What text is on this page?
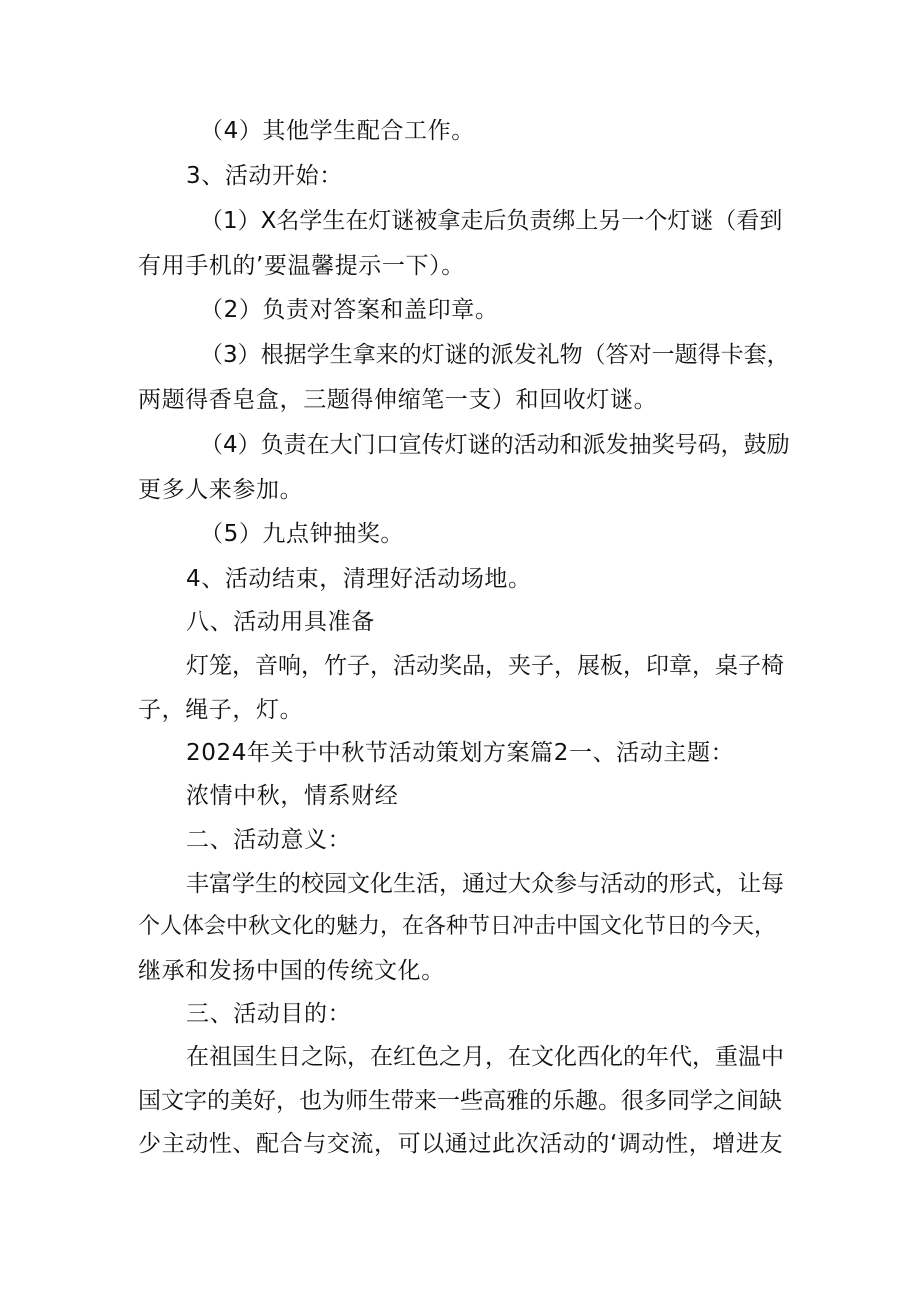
（4）其他学生配合工作。
3、活动开始：
（1）X名学生在灯谜被拿走后负责绑上另一个灯谜（看到
有用手机的’要温馨提示一下）。
（2）负责对答案和盖印章。
（3）根据学生拿来的灯谜的派发礼物（答对一题得卡套，
两题得香皂盒，三题得伸缩笔一支）和回收灯谜。
（4）负责在大门口宣传灯谜的活动和派发抽奖号码，鼓励
更多人来参加。
（5）九点钟抽奖。
4、活动结束，清理好活动场地。
八、活动用具准备
灯笼，音响，竹子，活动奖品，夹子，展板，印章，桌子椅
子，绳子，灯。
2024年关于中秋节活动策划方案篇2一、活动主题：
浓情中秋，情系财经
二、活动意义：
丰富学生的校园文化生活，通过大众参与活动的形式，让每
个人体会中秋文化的魅力，在各种节日冲击中国文化节日的今天，
继承和发扬中国的传统文化。
三、活动目的：
在祖国生日之际，在红色之月，在文化西化的年代，重温中
国文字的美好，也为师生带来一些高雅的乐趣。很多同学之间缺
少主动性、配合与交流，可以通过此次活动的‘调动性，增进友
